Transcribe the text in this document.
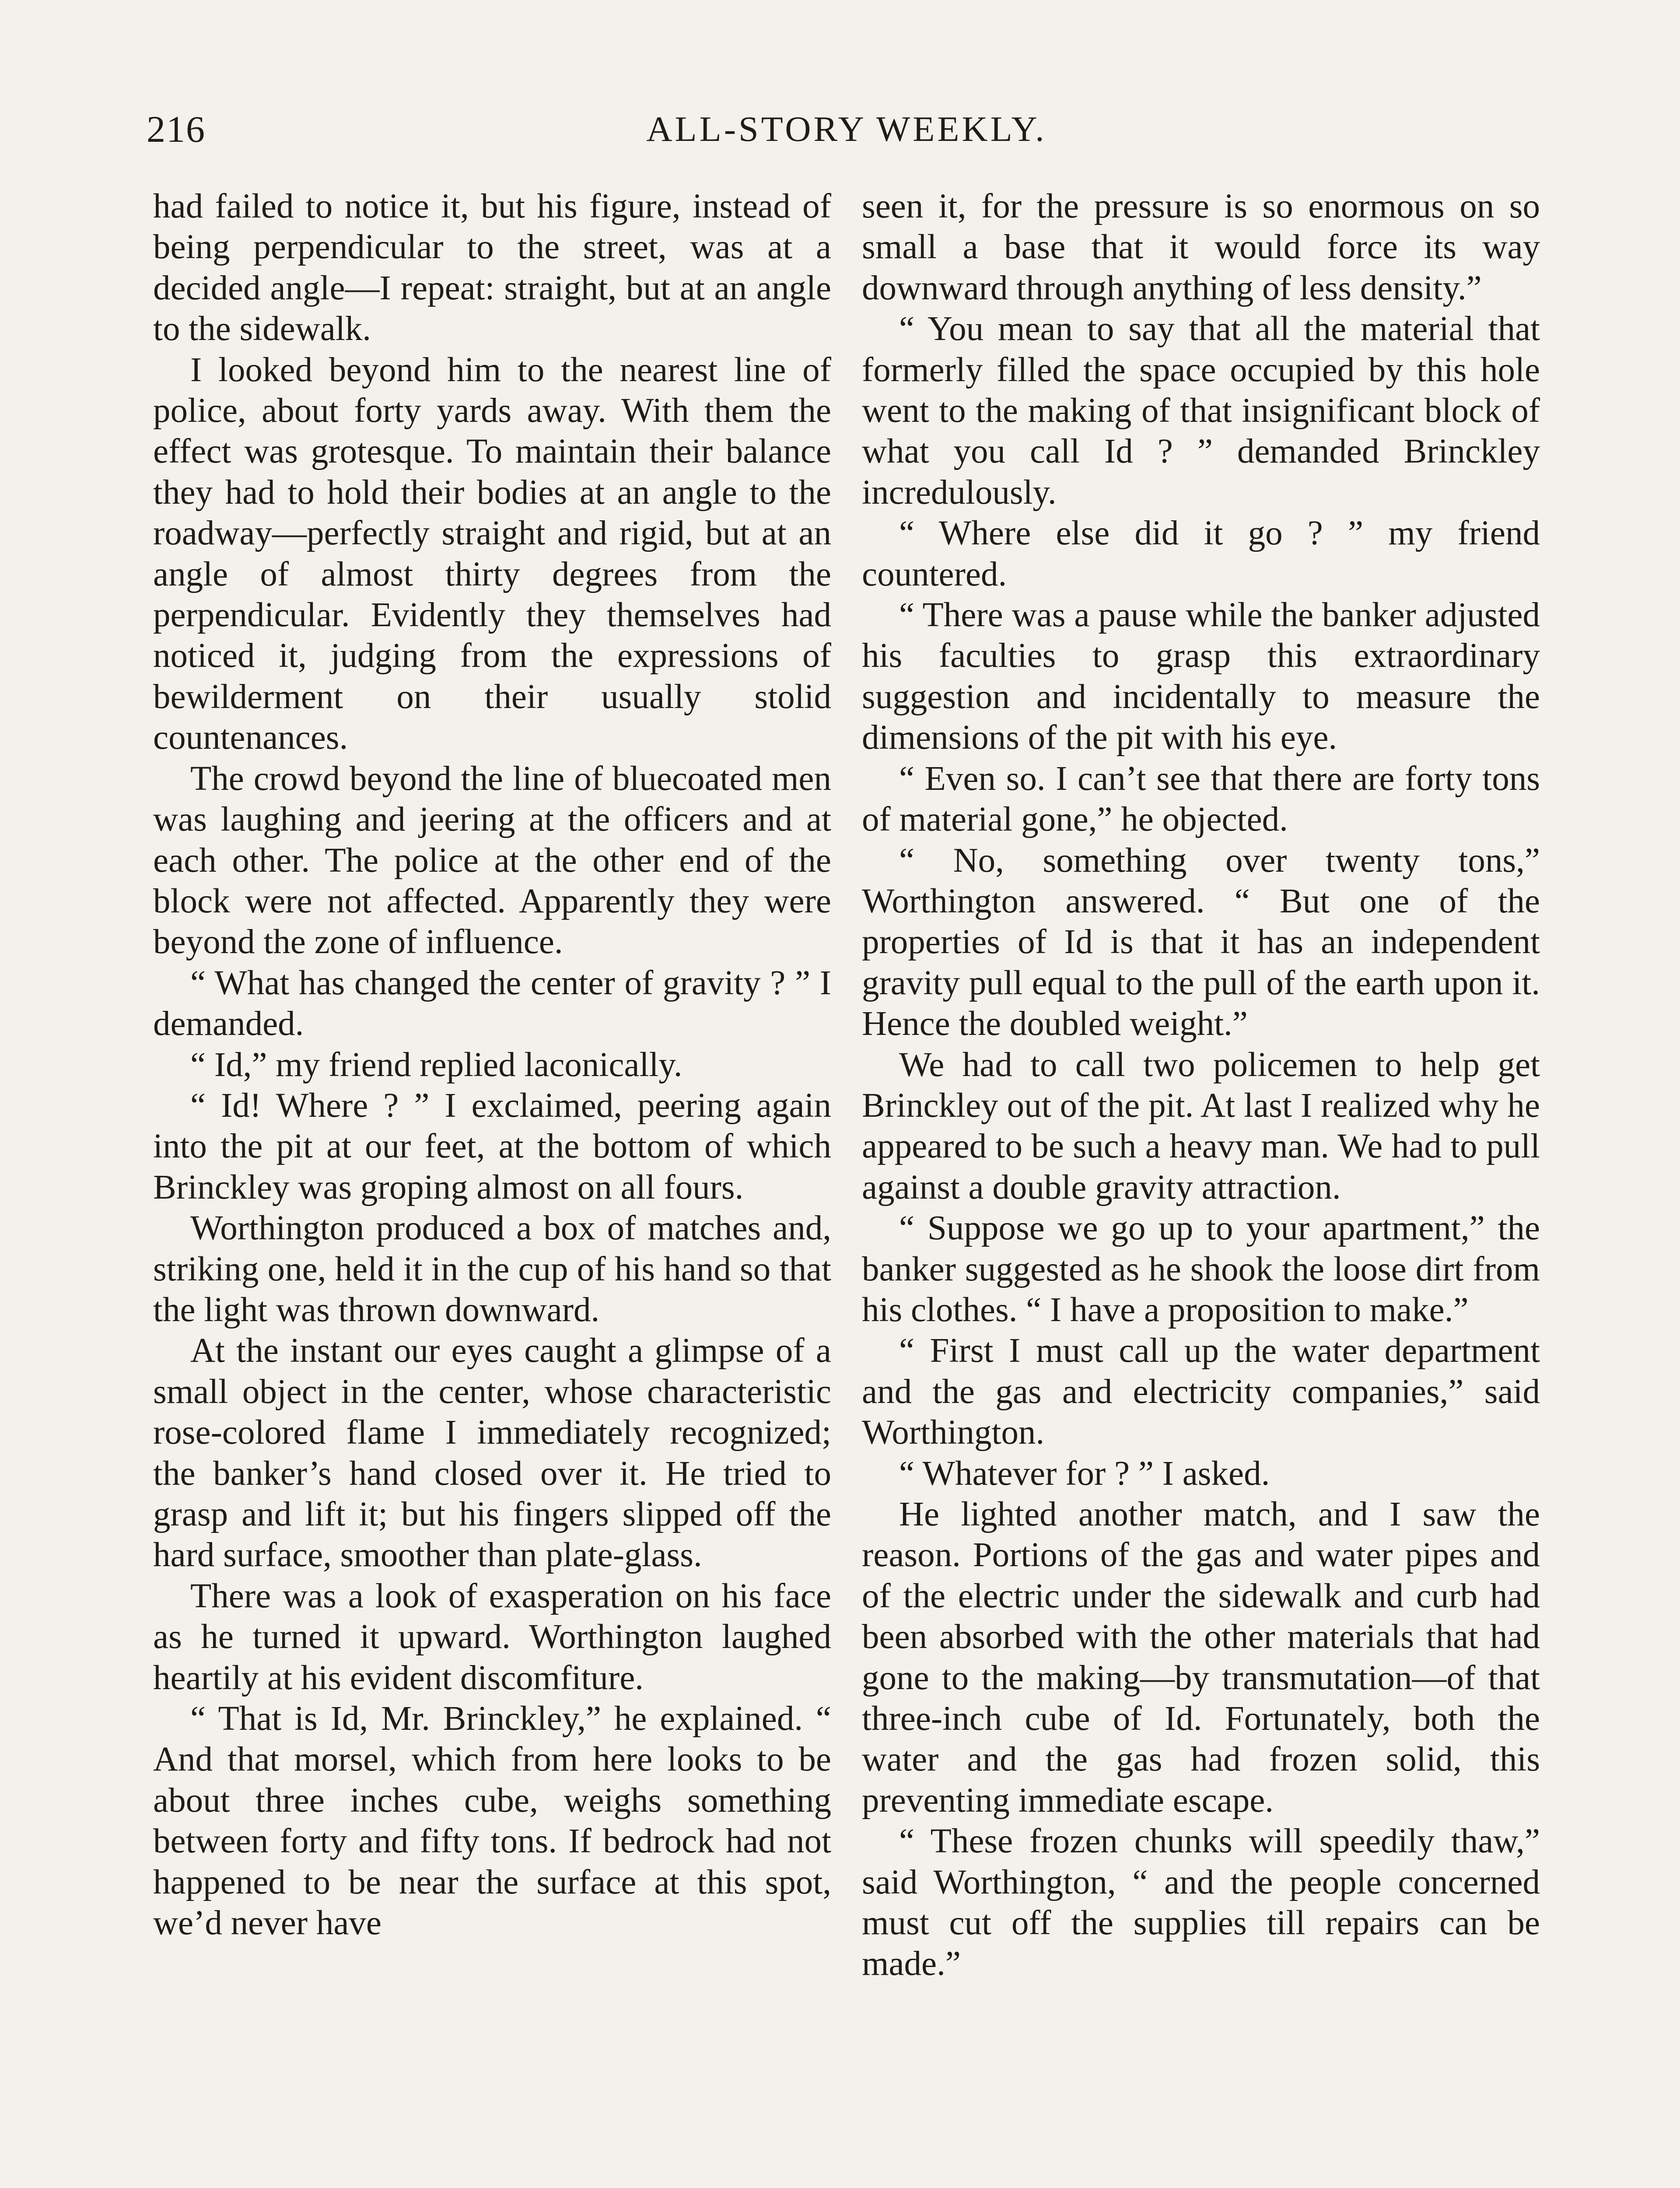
216	ALL-STORY WEEKLY.

had failed to notice it, but his figure, instead of being perpendicular to the street, was at a decided angle—I repeat: straight, but at an angle to the sidewalk.

I looked beyond him to the nearest line of police, about forty yards away. With them the effect was grotesque. To maintain their balance they had to hold their bodies at an angle to the roadway—perfectly straight and rigid, but at an angle of almost thirty degrees from the perpendicular. Evidently they themselves had noticed it, judging from the expressions of bewilderment on their usually stolid countenances.

The crowd beyond the line of bluecoated men was laughing and jeering at the officers and at each other. The police at the other end of the block were not affected. Apparently they were beyond the zone of influence.

“ What has changed the center of gravity ? ” I demanded.

“ Id,” my friend replied laconically.

“ Id! Where ? ” I exclaimed, peering again into the pit at our feet, at the bottom of which Brinckley was groping almost on all fours.

Worthington produced a box of matches and, striking one, held it in the cup of his hand so that the light was thrown downward.

At the instant our eyes caught a glimpse of a small object in the center, whose characteristic rose-colored flame I immediately recognized; the banker’s hand closed over it. He tried to grasp and lift it; but his fingers slipped off the hard surface, smoother than plate-glass.

There was a look of exasperation on his face as he turned it upward. Worthington laughed heartily at his evident discomfiture.

“ That is Id, Mr. Brinckley,” he explained. “ And that morsel, which from here looks to be about three inches cube, weighs something between forty and fifty tons. If bedrock had not happened to be near the surface at this spot, we’d never have

seen it, for the pressure is so enormous on so small a base that it would force its way downward through anything of less density.”

“ You mean to say that all the material that formerly filled the space occupied by this hole went to the making of that insignificant block of what you call Id ? ” demanded Brinckley incredulously.

“ Where else did it go ? ” my friend countered.

“ There was a pause while the banker adjusted his faculties to grasp this extraordinary suggestion and incidentally to measure the dimensions of the pit with his eye.

“ Even so. I can’t see that there are forty tons of material gone,” he objected.

“ No, something over twenty tons,” Worthington answered. “ But one of the properties of Id is that it has an independent gravity pull equal to the pull of the earth upon it. Hence the doubled weight.”

We had to call two policemen to help get Brinckley out of the pit. At last I realized why he appeared to be such a heavy man. We had to pull against a double gravity attraction.

“ Suppose we go up to your apartment,” the banker suggested as he shook the loose dirt from his clothes. “ I have a proposition to make.”

“ First I must call up the water department and the gas and electricity companies,” said Worthington.

“ Whatever for ? ” I asked.

He lighted another match, and I saw the reason. Portions of the gas and water pipes and of the electric under the sidewalk and curb had been absorbed with the other materials that had gone to the making—by transmutation—of that three-inch cube of Id. Fortunately, both the water and the gas had frozen solid, this preventing immediate escape.

“ These frozen chunks will speedily thaw,” said Worthington, “ and the people concerned must cut off the supplies till repairs can be made.”
